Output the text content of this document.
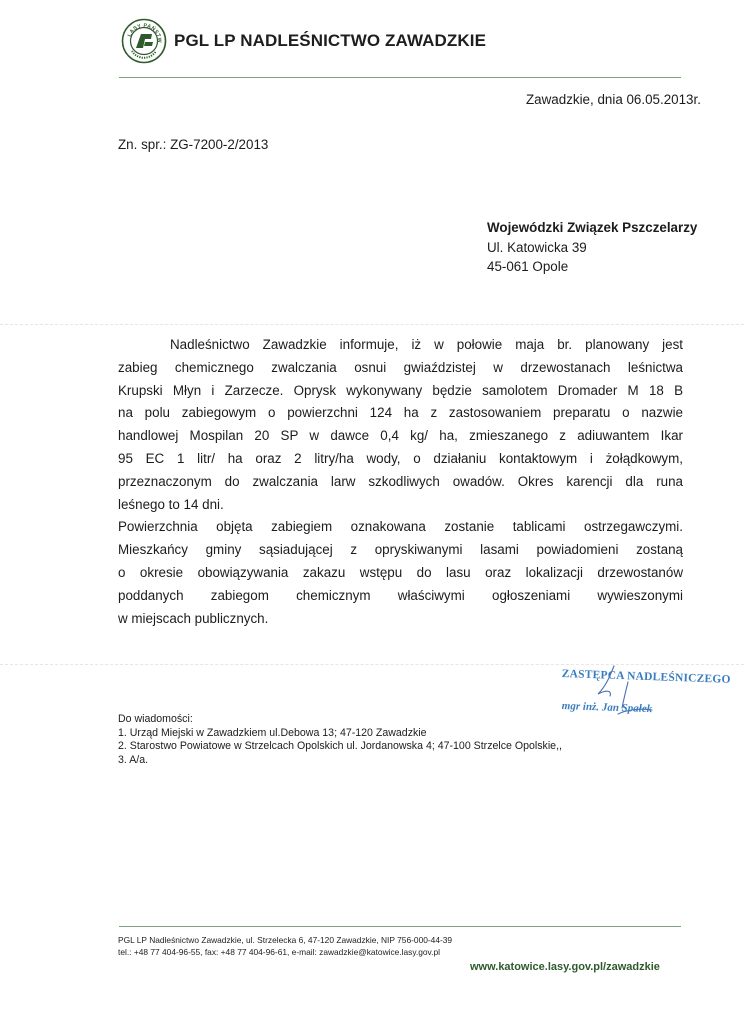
LASY PAŃSTW PGL LP NADLEŚNICTWO ZAWADZKIE
Zawadzkie, dnia 06.05.2013r.
Zn. spr.: ZG-7200-2/2013
Wojewódzki Związek Pszczelarzy
Ul. Katowicka 39
45-061 Opole
Nadleśnictwo Zawadzkie informuje, iż w połowie maja br. planowany jest
zabieg chemicznego zwalczania osnui gwiaździstej w drzewostanach leśnictwa
Krupski Młyn i Zarzecze. Oprysk wykonywany będzie samolotem Dromader M 18 B
na polu zabiegowym o powierzchni 124 ha z zastosowaniem preparatu o nazwie
handlowej Mospilan 20 SP w dawce 0,4 kg/ ha, zmieszanego z adiuwantem Ikar
95 EC 1 litr/ ha oraz 2 litry/ha wody, o działaniu kontaktowym i żołądkowym,
przeznaczonym do zwalczania larw szkodliwych owadów. Okres karencji dla runa
leśnego to 14 dni.
Powierzchnia objęta zabiegiem oznakowana zostanie tablicami ostrzegawczymi.
Mieszkańcy gminy sąsiadującej z opryskiwanymi lasami powiadomieni zostaną
o okresie obowiązywania zakazu wstępu do lasu oraz lokalizacji drzewostanów
poddanych zabiegom chemicznym właściwymi ogłoszeniami wywieszonymi
w miejscach publicznych.
ZASTĘPCA NADLEŚNICZEGO
mgr inż. Jan Spałek
Do wiadomości:
1. Urząd Miejski w Zawadzkiem ul.Debowa 13; 47-120 Zawadzkie
2. Starostwo Powiatowe w Strzelcach Opolskich ul. Jordanowska 4; 47-100 Strzelce Opolskie,,
3. A/a.
PGL LP Nadleśnictwo Zawadzkie, ul. Strzelecka 6, 47-120 Zawadzkie, NIP 756-000-44-39
tel.: +48 77 404-96-55, fax: +48 77 404-96-61, e-mail: zawadzkie@katowice.lasy.gov.pl
www.katowice.lasy.gov.pl/zawadzkie
